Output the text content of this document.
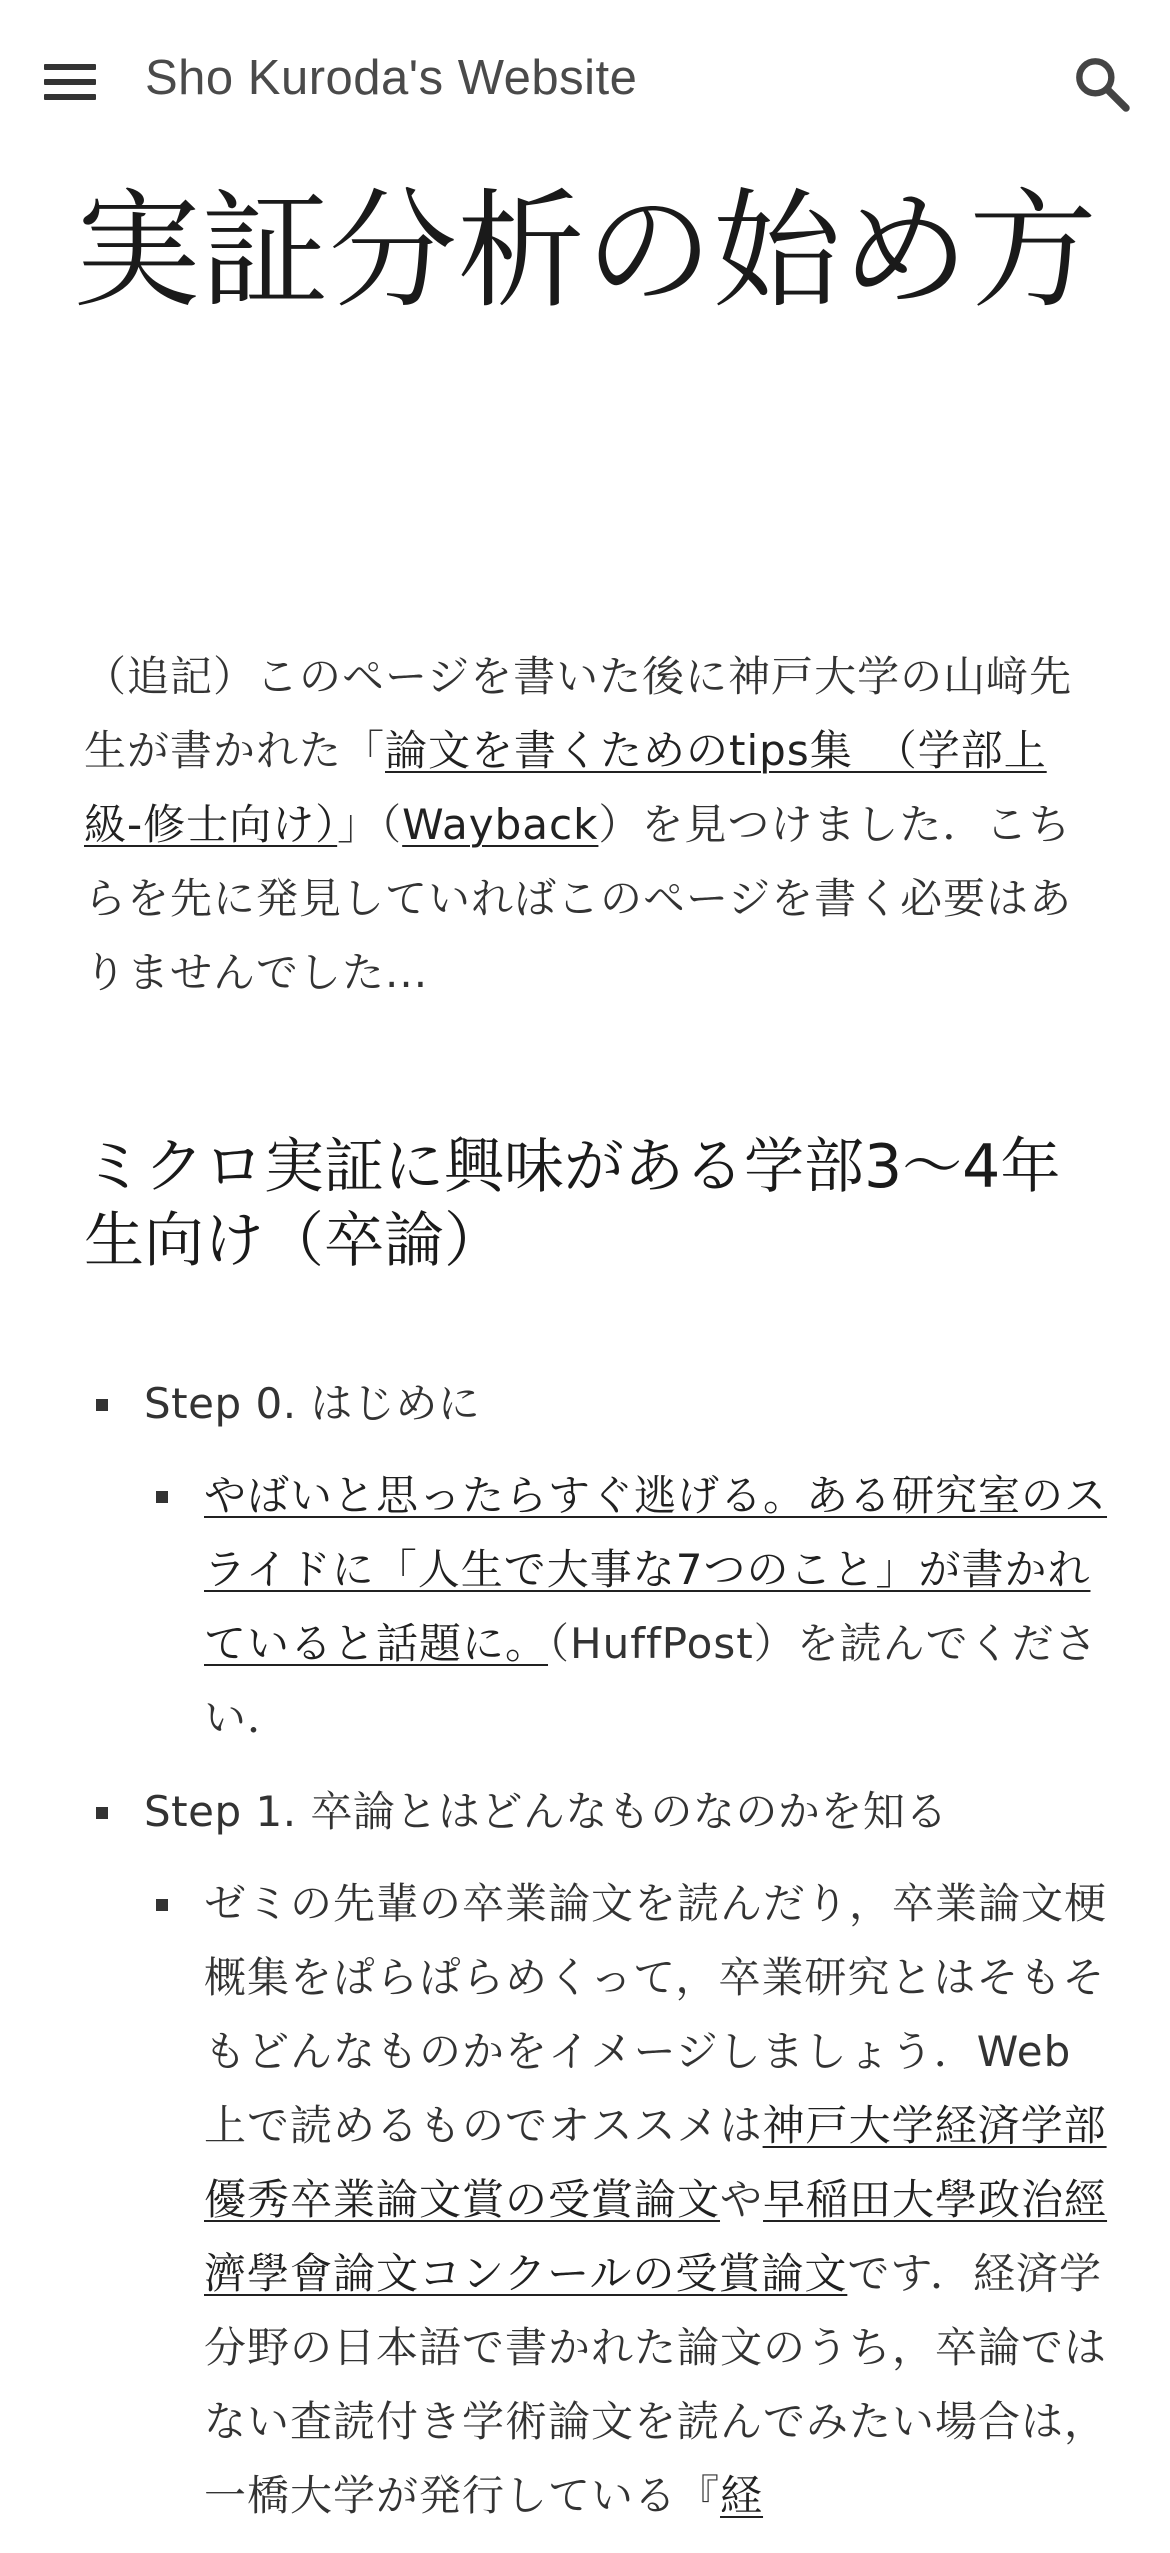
Sho Kuroda's Website
実証分析の始め方

（追記）このページを書いた後に神戸大学の山﨑先生が書かれた「論文を書くためのtips集　（学部上級-修士向け）」（Wayback）を見つけました．こちらを先に発見していればこのページを書く必要はありませんでした...

ミクロ実証に興味がある学部3〜4年生向け（卒論）
Step 0. はじめに
やばいと思ったらすぐ逃げる。ある研究室のスライドに「人生で大事な7つのこと」が書かれていると話題に。（HuffPost）を読んでください．
Step 1. 卒論とはどんなものなのかを知る
ゼミの先輩の卒業論文を読んだり，卒業論文梗概集をぱらぱらめくって，卒業研究とはそもそもどんなものかをイメージしましょう．Web上で読めるものでオススメは神戸大学経済学部優秀卒業論文賞の受賞論文や早稲田大學政治經濟學會論文コンクールの受賞論文です．経済学分野の日本語で書かれた論文のうち，卒論ではない査読付き学術論文を読んでみたい場合は，一橋大学が発行している『経
